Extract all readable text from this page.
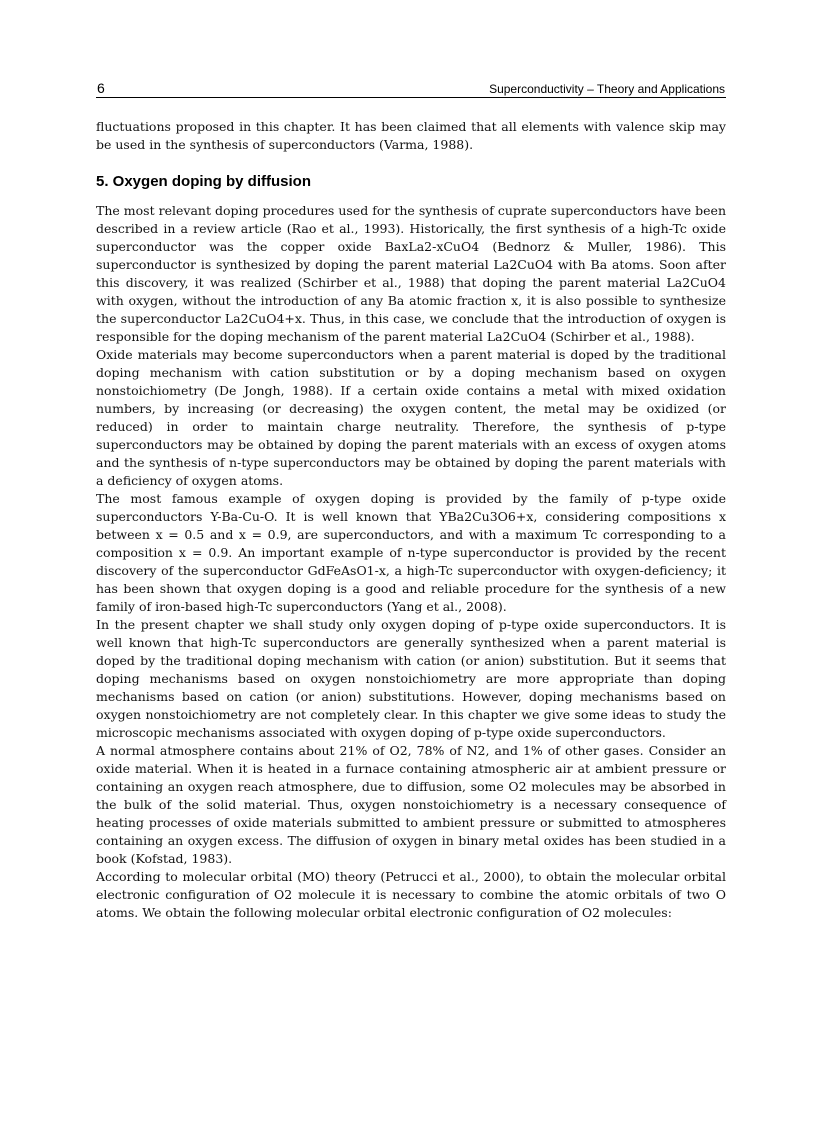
6	Superconductivity – Theory and Applications

fluctuations proposed in this chapter. It has been claimed that all elements with valence skip may be used in the synthesis of superconductors (Varma, 1988).

5. Oxygen doping by diffusion

The most relevant doping procedures used for the synthesis of cuprate superconductors have been described in a review article (Rao et al., 1993). Historically, the first synthesis of a high-Tc oxide superconductor was the copper oxide BaxLa2-xCuO4 (Bednorz & Muller, 1986). This superconductor is synthesized by doping the parent material La2CuO4 with Ba atoms. Soon after this discovery, it was realized (Schirber et al., 1988) that doping the parent material La2CuO4 with oxygen, without the introduction of any Ba atomic fraction x, it is also possible to synthesize the superconductor La2CuO4+x. Thus, in this case, we conclude that the introduction of oxygen is responsible for the doping mechanism of the parent material La2CuO4 (Schirber et al., 1988).

Oxide materials may become superconductors when a parent material is doped by the traditional doping mechanism with cation substitution or by a doping mechanism based on oxygen nonstoichiometry (De Jongh, 1988). If a certain oxide contains a metal with mixed oxidation numbers, by increasing (or decreasing) the oxygen content, the metal may be oxidized (or reduced) in order to maintain charge neutrality. Therefore, the synthesis of p-type superconductors may be obtained by doping the parent materials with an excess of oxygen atoms and the synthesis of n-type superconductors may be obtained by doping the parent materials with a deficiency of oxygen atoms.

The most famous example of oxygen doping is provided by the family of p-type oxide superconductors Y-Ba-Cu-O. It is well known that YBa2Cu3O6+x, considering compositions x between x = 0.5 and x = 0.9, are superconductors, and with a maximum Tc corresponding to a composition x = 0.9. An important example of n-type superconductor is provided by the recent discovery of the superconductor GdFeAsO1-x, a high-Tc superconductor with oxygen-deficiency; it has been shown that oxygen doping is a good and reliable procedure for the synthesis of a new family of iron-based high-Tc superconductors (Yang et al., 2008).

In the present chapter we shall study only oxygen doping of p-type oxide superconductors. It is well known that high-Tc superconductors are generally synthesized when a parent material is doped by the traditional doping mechanism with cation (or anion) substitution. But it seems that doping mechanisms based on oxygen nonstoichiometry are more appropriate than doping mechanisms based on cation (or anion) substitutions. However, doping mechanisms based on oxygen nonstoichiometry are not completely clear. In this chapter we give some ideas to study the microscopic mechanisms associated with oxygen doping of p-type oxide superconductors.

A normal atmosphere contains about 21% of O2, 78% of N2, and 1% of other gases. Consider an oxide material. When it is heated in a furnace containing atmospheric air at ambient pressure or containing an oxygen reach atmosphere, due to diffusion, some O2 molecules may be absorbed in the bulk of the solid material. Thus, oxygen nonstoichiometry is a necessary consequence of heating processes of oxide materials submitted to ambient pressure or submitted to atmospheres containing an oxygen excess. The diffusion of oxygen in binary metal oxides has been studied in a book (Kofstad, 1983).

According to molecular orbital (MO) theory (Petrucci et al., 2000), to obtain the molecular orbital electronic configuration of O2 molecule it is necessary to combine the atomic orbitals of two O atoms. We obtain the following molecular orbital electronic configuration of O2 molecules:
